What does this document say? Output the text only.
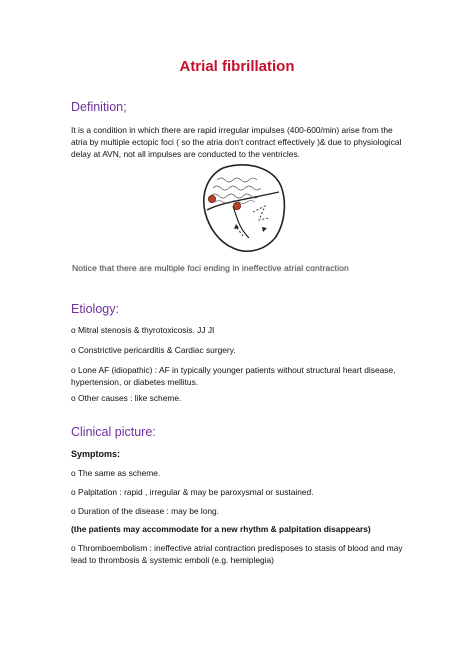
Atrial fibrillation
Definition;
It is a condition in which there are rapid irregular impulses (400-600/min) arise from the atria by multiple ectopic foci ( so the atria don’t contract effectively )& due to physiological delay at AVN, not all impulses are conducted to the ventricles.
Notice that there are multiple foci ending in ineffective atrial contraction
Etiology:
o Mitral stenosis & thyrotoxicosis. JJ JI
o Constrictive pericarditis & Cardiac surgery.
o Lone AF (idiopathic) : AF in typically younger patients without structural heart disease, hypertension, or diabetes mellitus.
o Other causes : like scheme.
Clinical picture:
Symptoms:
o The same as scheme.
o Palpitation : rapid , irregular & may be paroxysmal or sustained.
o Duration of the disease : may be long.
(the patients may accommodate for a new rhythm & palpitation disappears)
o Thromboembolism : ineffective atrial contraction predisposes to stasis of blood and may lead to thrombosis & systemic emboli (e.g. hemiplegia)
